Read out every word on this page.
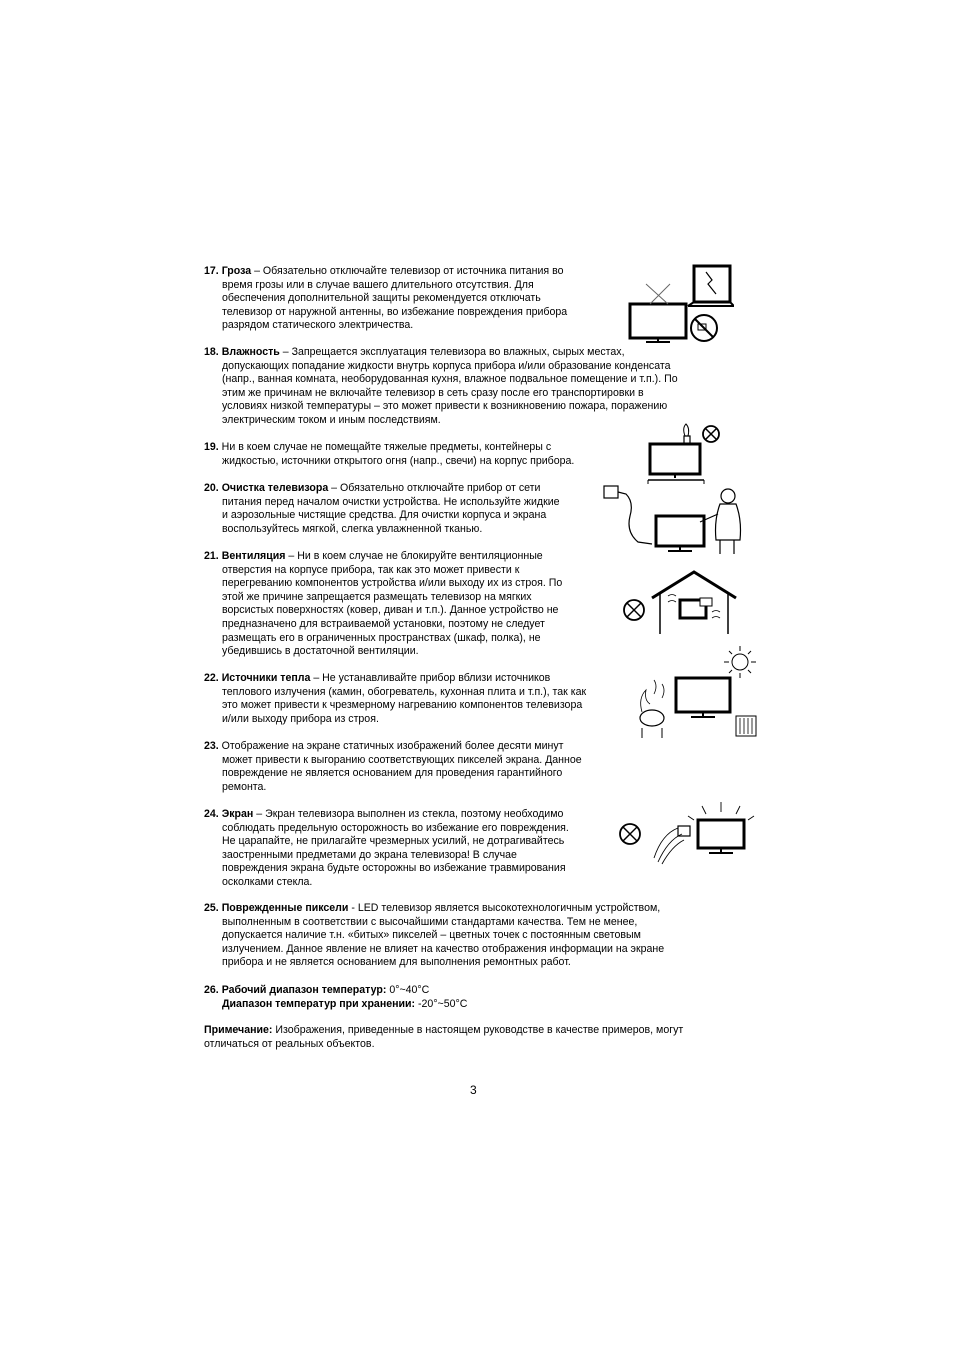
17. Гроза – Обязательно отключайте телевизор от источника питания во
время грозы или в случае вашего длительного отсутствия. Для
обеспечения дополнительной защиты рекомендуется отключать
телевизор от наружной антенны, во избежание повреждения прибора
разрядом статического электричества.
18. Влажность – Запрещается эксплуатация телевизора во влажных, сырых местах,
допускающих попадание жидкости внутрь корпуса прибора и/или образование конденсата
(напр., ванная комната, необорудованная кухня, влажное подвальное помещение и т.п.). По
этим же причинам не включайте телевизор в сеть сразу после его транспортировки в
условиях низкой температуры – это может привести к возникновению пожара, поражению
электрическим током и иным последствиям.
19. Ни в коем случае не помещайте тяжелые предметы, контейнеры с
жидкостью, источники открытого огня (напр., свечи) на корпус прибора.
20. Очистка телевизора – Обязательно отключайте прибор от сети
питания перед началом очистки устройства. Не используйте жидкие
и аэрозольные чистящие средства. Для очистки корпуса и экрана
воспользуйтесь мягкой, слегка увлажненной тканью.
21. Вентиляция – Ни в коем случае не блокируйте вентиляционные
отверстия на корпусе прибора, так как это может привести к
перегреванию компонентов устройства и/или выходу их из строя. По
этой же причине запрещается размещать телевизор на мягких
ворсистых поверхностях (ковер, диван и т.п.). Данное устройство не
предназначено для встраиваемой установки, поэтому не следует
размещать его в ограниченных пространствах (шкаф, полка), не
убедившись в достаточной вентиляции.
22. Источники тепла – Не устанавливайте прибор вблизи источников
теплового излучения (камин, обогреватель, кухонная плита и т.п.), так как
это может привести к чрезмерному нагреванию компонентов телевизора
и/или выходу прибора из строя.
23. Отображение на экране статичных изображений более десяти минут
может привести к выгоранию соответствующих пикселей экрана. Данное
повреждение не является основанием для проведения гарантийного
ремонта.
24. Экран – Экран телевизора выполнен из стекла, поэтому необходимо
соблюдать предельную осторожность во избежание его повреждения.
Не царапайте, не прилагайте чрезмерных усилий, не дотрагивайтесь
заостренными предметами до экрана телевизора! В случае
повреждения экрана будьте осторожны во избежание травмирования
осколками стекла.
25. Поврежденные пиксели - LED телевизор является высокотехнологичным устройством,
выполненным в соответствии с высочайшими стандартами качества. Тем не менее,
допускается наличие т.н. «битых» пикселей – цветных точек с постоянным световым
излучением. Данное явление не влияет на качество отображения информации на экране
прибора и не является основанием для выполнения ремонтных работ.
26. Рабочий диапазон температур: 0°~40°С
Диапазон температур при хранении: -20°~50°С
Примечание: Изображения, приведенные в настоящем руководстве в качестве примеров, могут
отличаться от реальных объектов.
3
